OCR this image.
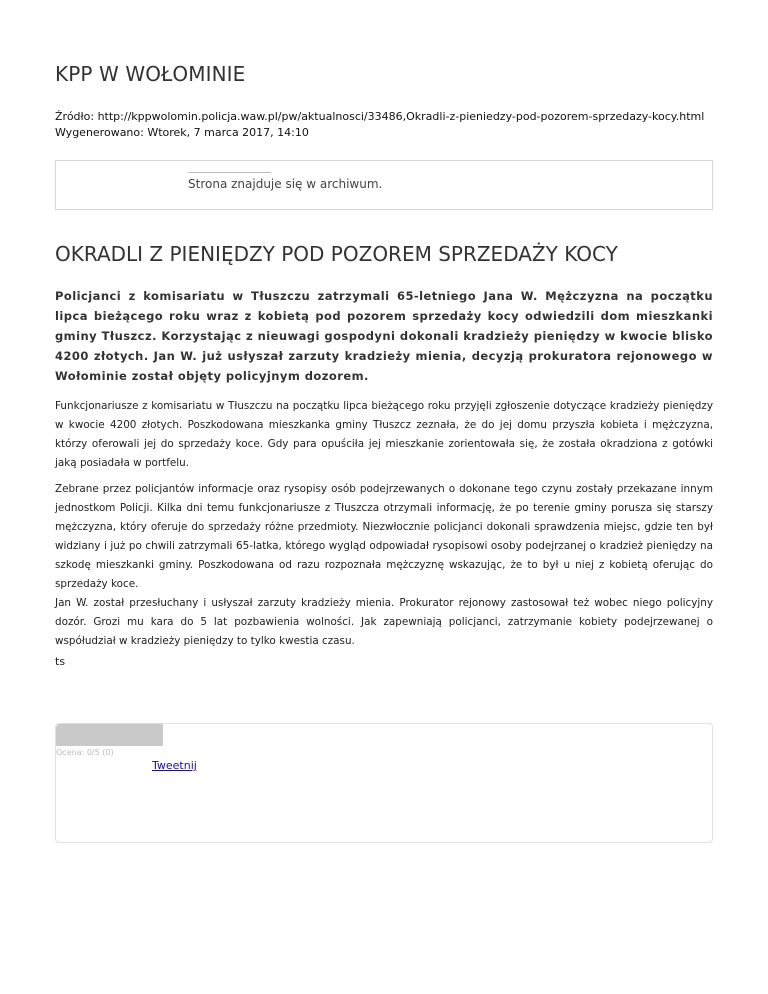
KPP W WOŁOMINIE
Źródło: http://kppwolomin.policja.waw.pl/pw/aktualnosci/33486,Okradli-z-pieniedzy-pod-pozorem-sprzedazy-kocy.html
Wygenerowano: Wtorek, 7 marca 2017, 14:10
Strona znajduje się w archiwum.
OKRADLI Z PIENIĘDZY POD POZOREM SPRZEDAŻY KOCY

Policjanci z komisariatu w Tłuszczu zatrzymali 65-letniego Jana W. Mężczyzna na początku lipca bieżącego roku wraz z kobietą pod pozorem sprzedaży kocy odwiedzili dom mieszkanki gminy Tłuszcz. Korzystając z nieuwagi gospodyni dokonali kradzieży pieniędzy w kwocie blisko 4200 złotych. Jan W. już usłyszał zarzuty kradzieży mienia, decyzją prokuratora rejonowego w Wołominie został objęty policyjnym dozorem.

Funkcjonariusze z komisariatu w Tłuszczu na początku lipca bieżącego roku przyjęli zgłoszenie dotyczące kradzieży pieniędzy w kwocie 4200 złotych. Poszkodowana mieszkanka gminy Tłuszcz zeznała, że do jej domu przyszła kobieta i mężczyzna, którzy oferowali jej do sprzedaży koce. Gdy para opuściła jej mieszkanie zorientowała się, że została okradziona z gotówki jaką posiadała w portfelu.

Zebrane przez policjantów informacje oraz rysopisy osób podejrzewanych o dokonane tego czynu zostały przekazane innym jednostkom Policji. Kilka dni temu funkcjonariusze z Tłuszcza otrzymali informację, że po terenie gminy porusza się starszy mężczyzna, który oferuje do sprzedaży różne przedmioty. Niezwłocznie policjanci dokonali sprawdzenia miejsc, gdzie ten był widziany i już po chwili zatrzymali 65-latka, którego wygląd odpowiadał rysopisowi osoby podejrzanej o kradzież pieniędzy na szkodę mieszkanki gminy. Poszkodowana od razu rozpoznała mężczyznę wskazując, że to był u niej z kobietą oferując do sprzedaży koce.

Jan W. został przesłuchany i usłyszał zarzuty kradzieży mienia. Prokurator rejonowy zastosował też wobec niego policyjny dozór. Grozi mu kara do 5 lat pozbawienia wolności. Jak zapewniają policjanci, zatrzymanie kobiety podejrzewanej o współudział w kradzieży pieniędzy to tylko kwestia czasu.

ts
Ocena: 0/5 (0)
Tweetnij
